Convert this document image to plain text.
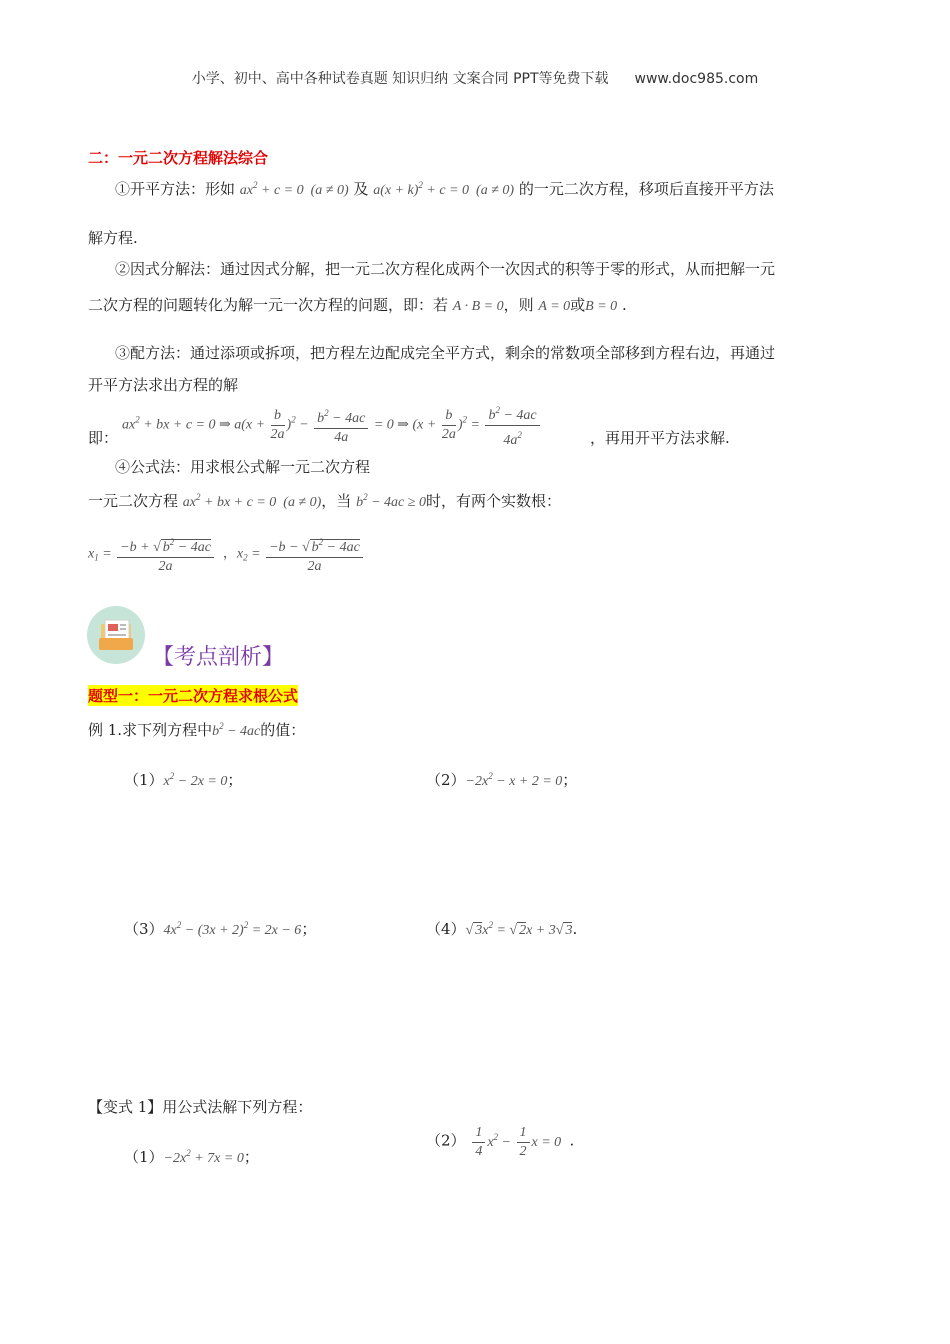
小学、初中、高中各种试卷真题 知识归纳 文案合同 PPT等免费下载 www.doc985.com
二：一元二次方程解法综合
①开平方法：形如 $ax^2 + c = 0$  (a ≠ 0) 及 $a(x + k)^2 + c = 0$  (a ≠ 0) 的一元二次方程，移项后直接开平方法
解方程.
②因式分解法：通过因式分解，把一元二次方程化成两个一次因式的积等于零的形式，从而把解一元
二次方程的问题转化为解一元一次方程的问题，即：若 A · B = 0，则 A = 0或B = 0 .
③配方法：通过添项或拆项，把方程左边配成完全平方式，剩余的常数项全部移到方程右边，再通过
开平方法求出方程的解
即：
$ax^2$ + bx + c = 0 ⇒ $a(x + \frac{b}{2a} )^2 - \frac{b^2 - 4ac}{4a} = 0$ ⇒ $(x + \frac{b}{2a} )^2 = \frac{b^2 - 4ac}{4a^2}$	，再用开平方法求解.
④公式法：用求根公式解一元二次方程
一元二次方程 $ax^2$ + bx + c = 0  (a ≠ 0)，当 $b^2 - 4ac \ge 0$时，有两个实数根：
$x_1 = \frac{-b + √ b^2 - 4ac}{2a}$ ，$x_2 = \frac{-b - √ b^2 - 4ac}{2a}$
【考点剖析】
题型一：一元二次方程求根公式
例 1.求下列方程中$b^2 - 4ac$的值：
$(1)x^2 - 2x = 0$；	$(2)-2x^2 - x + 2 = 0$；
$(3)4x^2 - (3x + 2)^2 = 2x - 6$；	（4）√ $3x^2$ = √ 2x + 3√ 3.
【变式 1】用公式法解下列方程：
$(1)-2x^2 + 7x = 0$；
$(2) \frac{1}{4} x^2 - \frac{1}{2}$ x = 0  .
